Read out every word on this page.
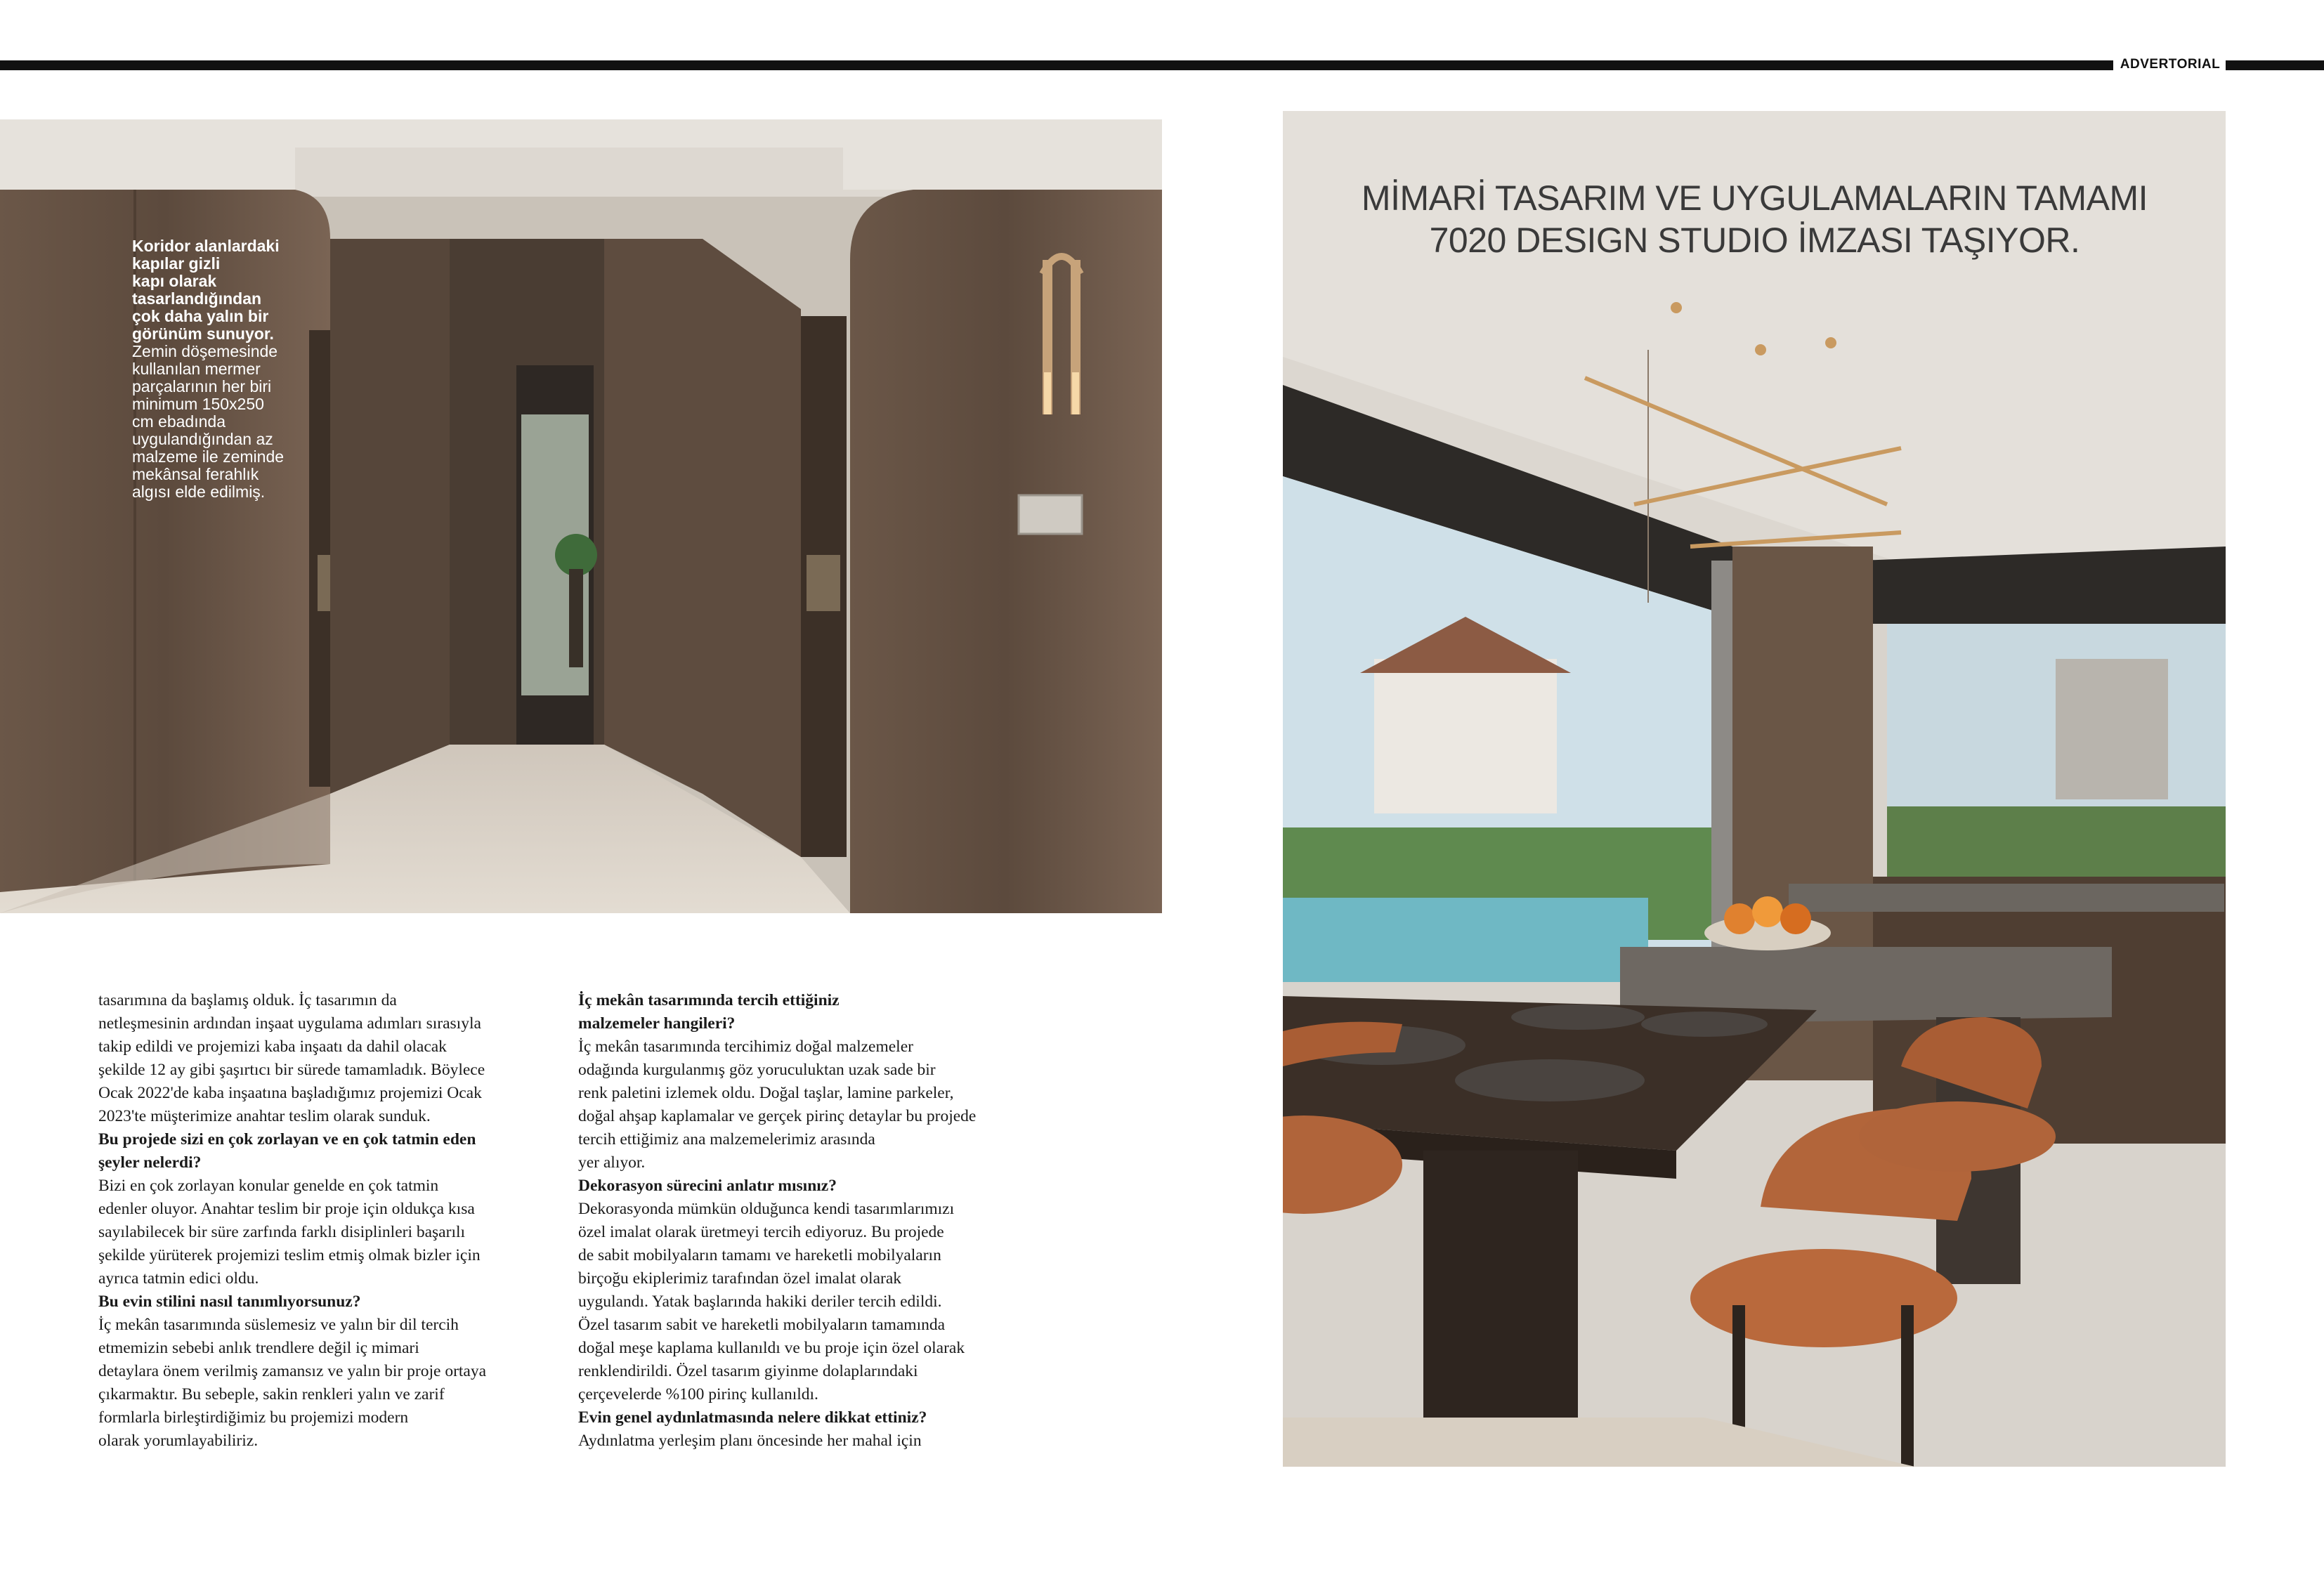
ADVERTORIAL
Koridor alanlardaki
kapılar gizli
kapı olarak
tasarlandığından
çok daha yalın bir
görünüm sunuyor.
Zemin döşemesinde
kullanılan mermer
parçalarının her biri
minimum 150x250
cm ebadında
uygulandığından az
malzeme ile zeminde
mekânsal ferahlık
algısı elde edilmiş.
MİMARİ TASARIM VE UYGULAMALARIN TAMAMI
7020 DESIGN STUDIO İMZASI TAŞIYOR.

tasarımına da başlamış olduk. İç tasarımın da

netleşmesinin ardından inşaat uygulama adımları sırasıyla

takip edildi ve projemizi kaba inşaatı da dahil olacak

şekilde 12 ay gibi şaşırtıcı bir sürede tamamladık. Böylece

Ocak 2022'de kaba inşaatına başladığımız projemizi Ocak

2023'te müşterimize anahtar teslim olarak sunduk.

Bu projede sizi en çok zorlayan ve en çok tatmin eden

şeyler nelerdi?

Bizi en çok zorlayan konular genelde en çok tatmin

edenler oluyor. Anahtar teslim bir proje için oldukça kısa

sayılabilecek bir süre zarfında farklı disiplinleri başarılı

şekilde yürüterek projemizi teslim etmiş olmak bizler için

ayrıca tatmin edici oldu.

Bu evin stilini nasıl tanımlıyorsunuz?

İç mekân tasarımında süslemesiz ve yalın bir dil tercih

etmemizin sebebi anlık trendlere değil iç mimari

detaylara önem verilmiş zamansız ve yalın bir proje ortaya

çıkarmaktır. Bu sebeple, sakin renkleri yalın ve zarif

formlarla birleştirdiğimiz bu projemizi modern

olarak yorumlayabiliriz.

İç mekân tasarımında tercih ettiğiniz

malzemeler hangileri?

İç mekân tasarımında tercihimiz doğal malzemeler

odağında kurgulanmış göz yoruculuktan uzak sade bir

renk paletini izlemek oldu. Doğal taşlar, lamine parkeler,

doğal ahşap kaplamalar ve gerçek pirinç detaylar bu projede

tercih ettiğimiz ana malzemelerimiz arasında

yer alıyor.

Dekorasyon sürecini anlatır mısınız?

Dekorasyonda mümkün olduğunca kendi tasarımlarımızı

özel imalat olarak üretmeyi tercih ediyoruz. Bu projede

de sabit mobilyaların tamamı ve hareketli mobilyaların

birçoğu ekiplerimiz tarafından özel imalat olarak

uygulandı. Yatak başlarında hakiki deriler tercih edildi.

Özel tasarım sabit ve hareketli mobilyaların tamamında

doğal meşe kaplama kullanıldı ve bu proje için özel olarak

renklendirildi. Özel tasarım giyinme dolaplarındaki

çerçevelerde %100 pirinç kullanıldı.

Evin genel aydınlatmasında nelere dikkat ettiniz?

Aydınlatma yerleşim planı öncesinde her mahal için
